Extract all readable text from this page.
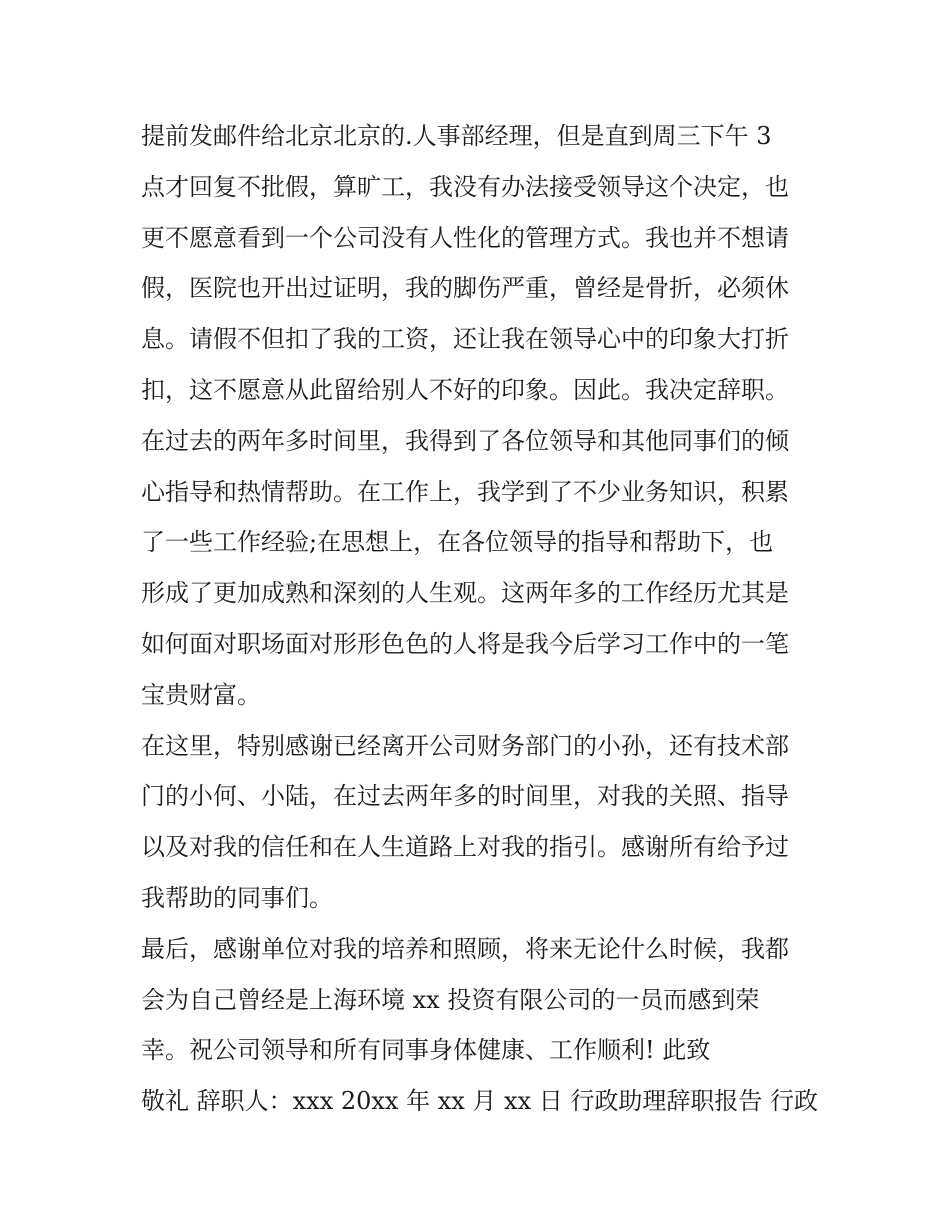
提前发邮件给北京北京的.人事部经理，但是直到周三下午 3
点才回复不批假，算旷工，我没有办法接受领导这个决定，也
更不愿意看到一个公司没有人性化的管理方式。我也并不想请
假，医院也开出过证明，我的脚伤严重，曾经是骨折，必须休
息。请假不但扣了我的工资，还让我在领导心中的印象大打折
扣，这不愿意从此留给别人不好的印象。因此。我决定辞职。
在过去的两年多时间里，我得到了各位领导和其他同事们的倾
心指导和热情帮助。在工作上，我学到了不少业务知识，积累
了一些工作经验;在思想上，在各位领导的指导和帮助下，也
形成了更加成熟和深刻的人生观。这两年多的工作经历尤其是
如何面对职场面对形形色色的人将是我今后学习工作中的一笔
宝贵财富。
在这里，特别感谢已经离开公司财务部门的小孙，还有技术部
门的小何、小陆，在过去两年多的时间里，对我的关照、指导
以及对我的信任和在人生道路上对我的指引。感谢所有给予过
我帮助的同事们。
最后，感谢单位对我的培养和照顾，将来无论什么时候，我都
会为自己曾经是上海环境 xx 投资有限公司的一员而感到荣
幸。祝公司领导和所有同事身体健康、工作顺利! 此致
敬礼 辞职人：xxx 20xx 年 xx 月 xx 日 行政助理辞职报告 行政
